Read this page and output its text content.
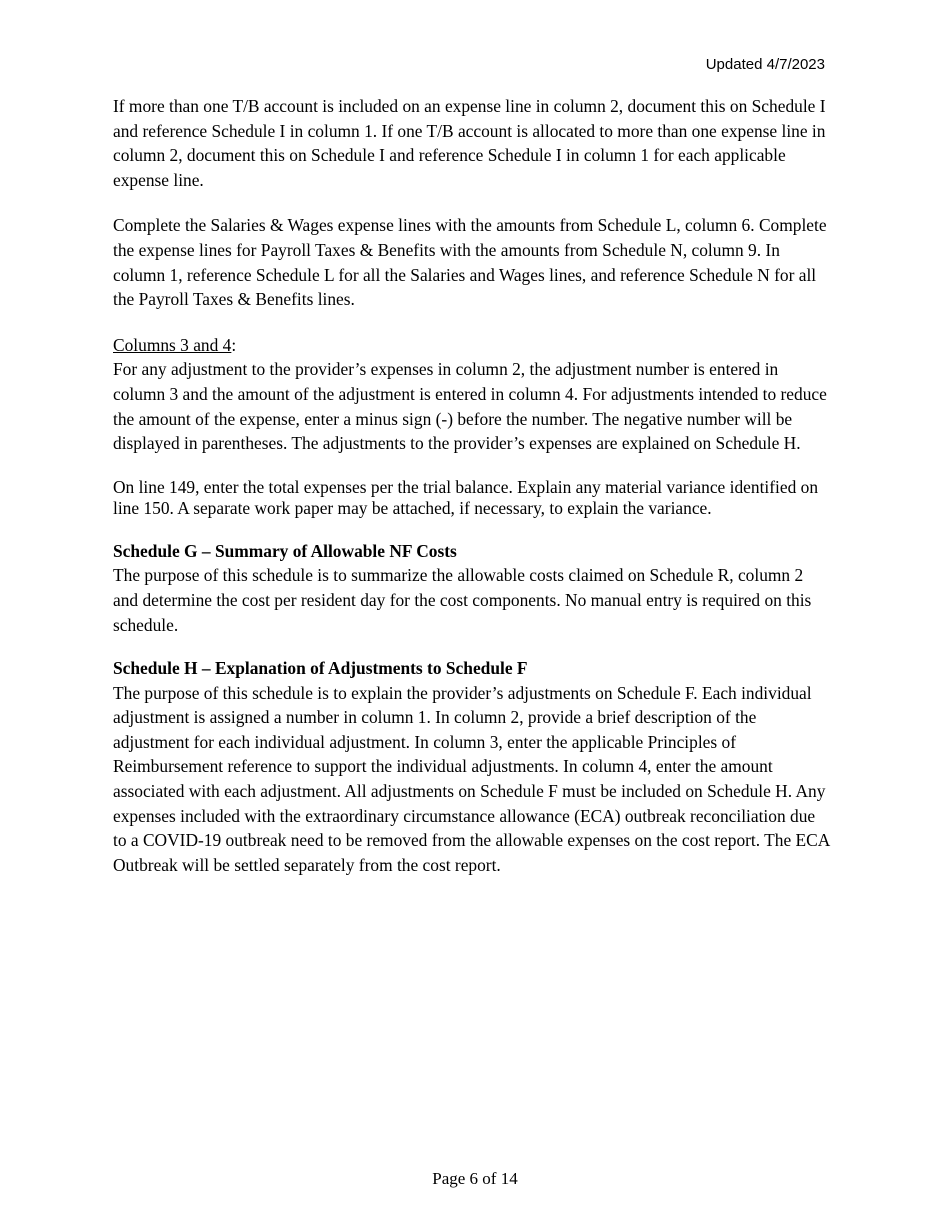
Updated 4/7/2023

If more than one T/B account is included on an expense line in column 2, document this on Schedule I and reference Schedule I in column 1. If one T/B account is allocated to more than one expense line in column 2, document this on Schedule I and reference Schedule I in column 1 for each applicable expense line.

Complete the Salaries & Wages expense lines with the amounts from Schedule L, column 6. Complete the expense lines for Payroll Taxes & Benefits with the amounts from Schedule N, column 9. In column 1, reference Schedule L for all the Salaries and Wages lines, and reference Schedule N for all the Payroll Taxes & Benefits lines.

Columns 3 and 4:

For any adjustment to the provider’s expenses in column 2, the adjustment number is entered in column 3 and the amount of the adjustment is entered in column 4. For adjustments intended to reduce the amount of the expense, enter a minus sign (-) before the number. The negative number will be displayed in parentheses. The adjustments to the provider’s expenses are explained on Schedule H.

On line 149, enter the total expenses per the trial balance. Explain any material variance identified on line 150. A separate work paper may be attached, if necessary, to explain the variance.

Schedule G – Summary of Allowable NF Costs

The purpose of this schedule is to summarize the allowable costs claimed on Schedule R, column 2 and determine the cost per resident day for the cost components. No manual entry is required on this schedule.

Schedule H – Explanation of Adjustments to Schedule F

The purpose of this schedule is to explain the provider’s adjustments on Schedule F. Each individual adjustment is assigned a number in column 1. In column 2, provide a brief description of the adjustment for each individual adjustment. In column 3, enter the applicable Principles of Reimbursement reference to support the individual adjustments. In column 4, enter the amount associated with each adjustment. All adjustments on Schedule F must be included on Schedule H. Any expenses included with the extraordinary circumstance allowance (ECA) outbreak reconciliation due to a COVID-19 outbreak need to be removed from the allowable expenses on the cost report. The ECA Outbreak will be settled separately from the cost report.

Page 6 of 14
